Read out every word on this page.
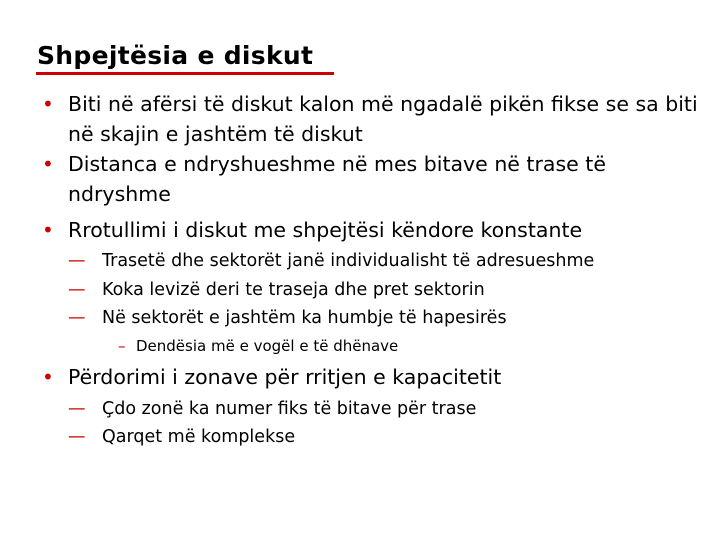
Shpejtësia e diskut
• Biti në afërsi të diskut kalon më ngadalë pikën fikse se sa biti në skajin e jashtëm të diskut
• Distanca e ndryshueshme në mes bitave në trase të ndryshme
• Rrotullimi i diskut me shpejtësi këndore konstante
— Trasetë dhe sektorët janë individualisht të adresueshme
— Koka levizë deri te traseja dhe pret sektorin
— Në sektorët e jashtëm ka humbje të hapesirës
– Dendësia më e vogël e të dhënave
• Përdorimi i zonave për rritjen e kapacitetit
— Çdo zonë ka numer fiks të bitave për trase
— Qarqet më komplekse
